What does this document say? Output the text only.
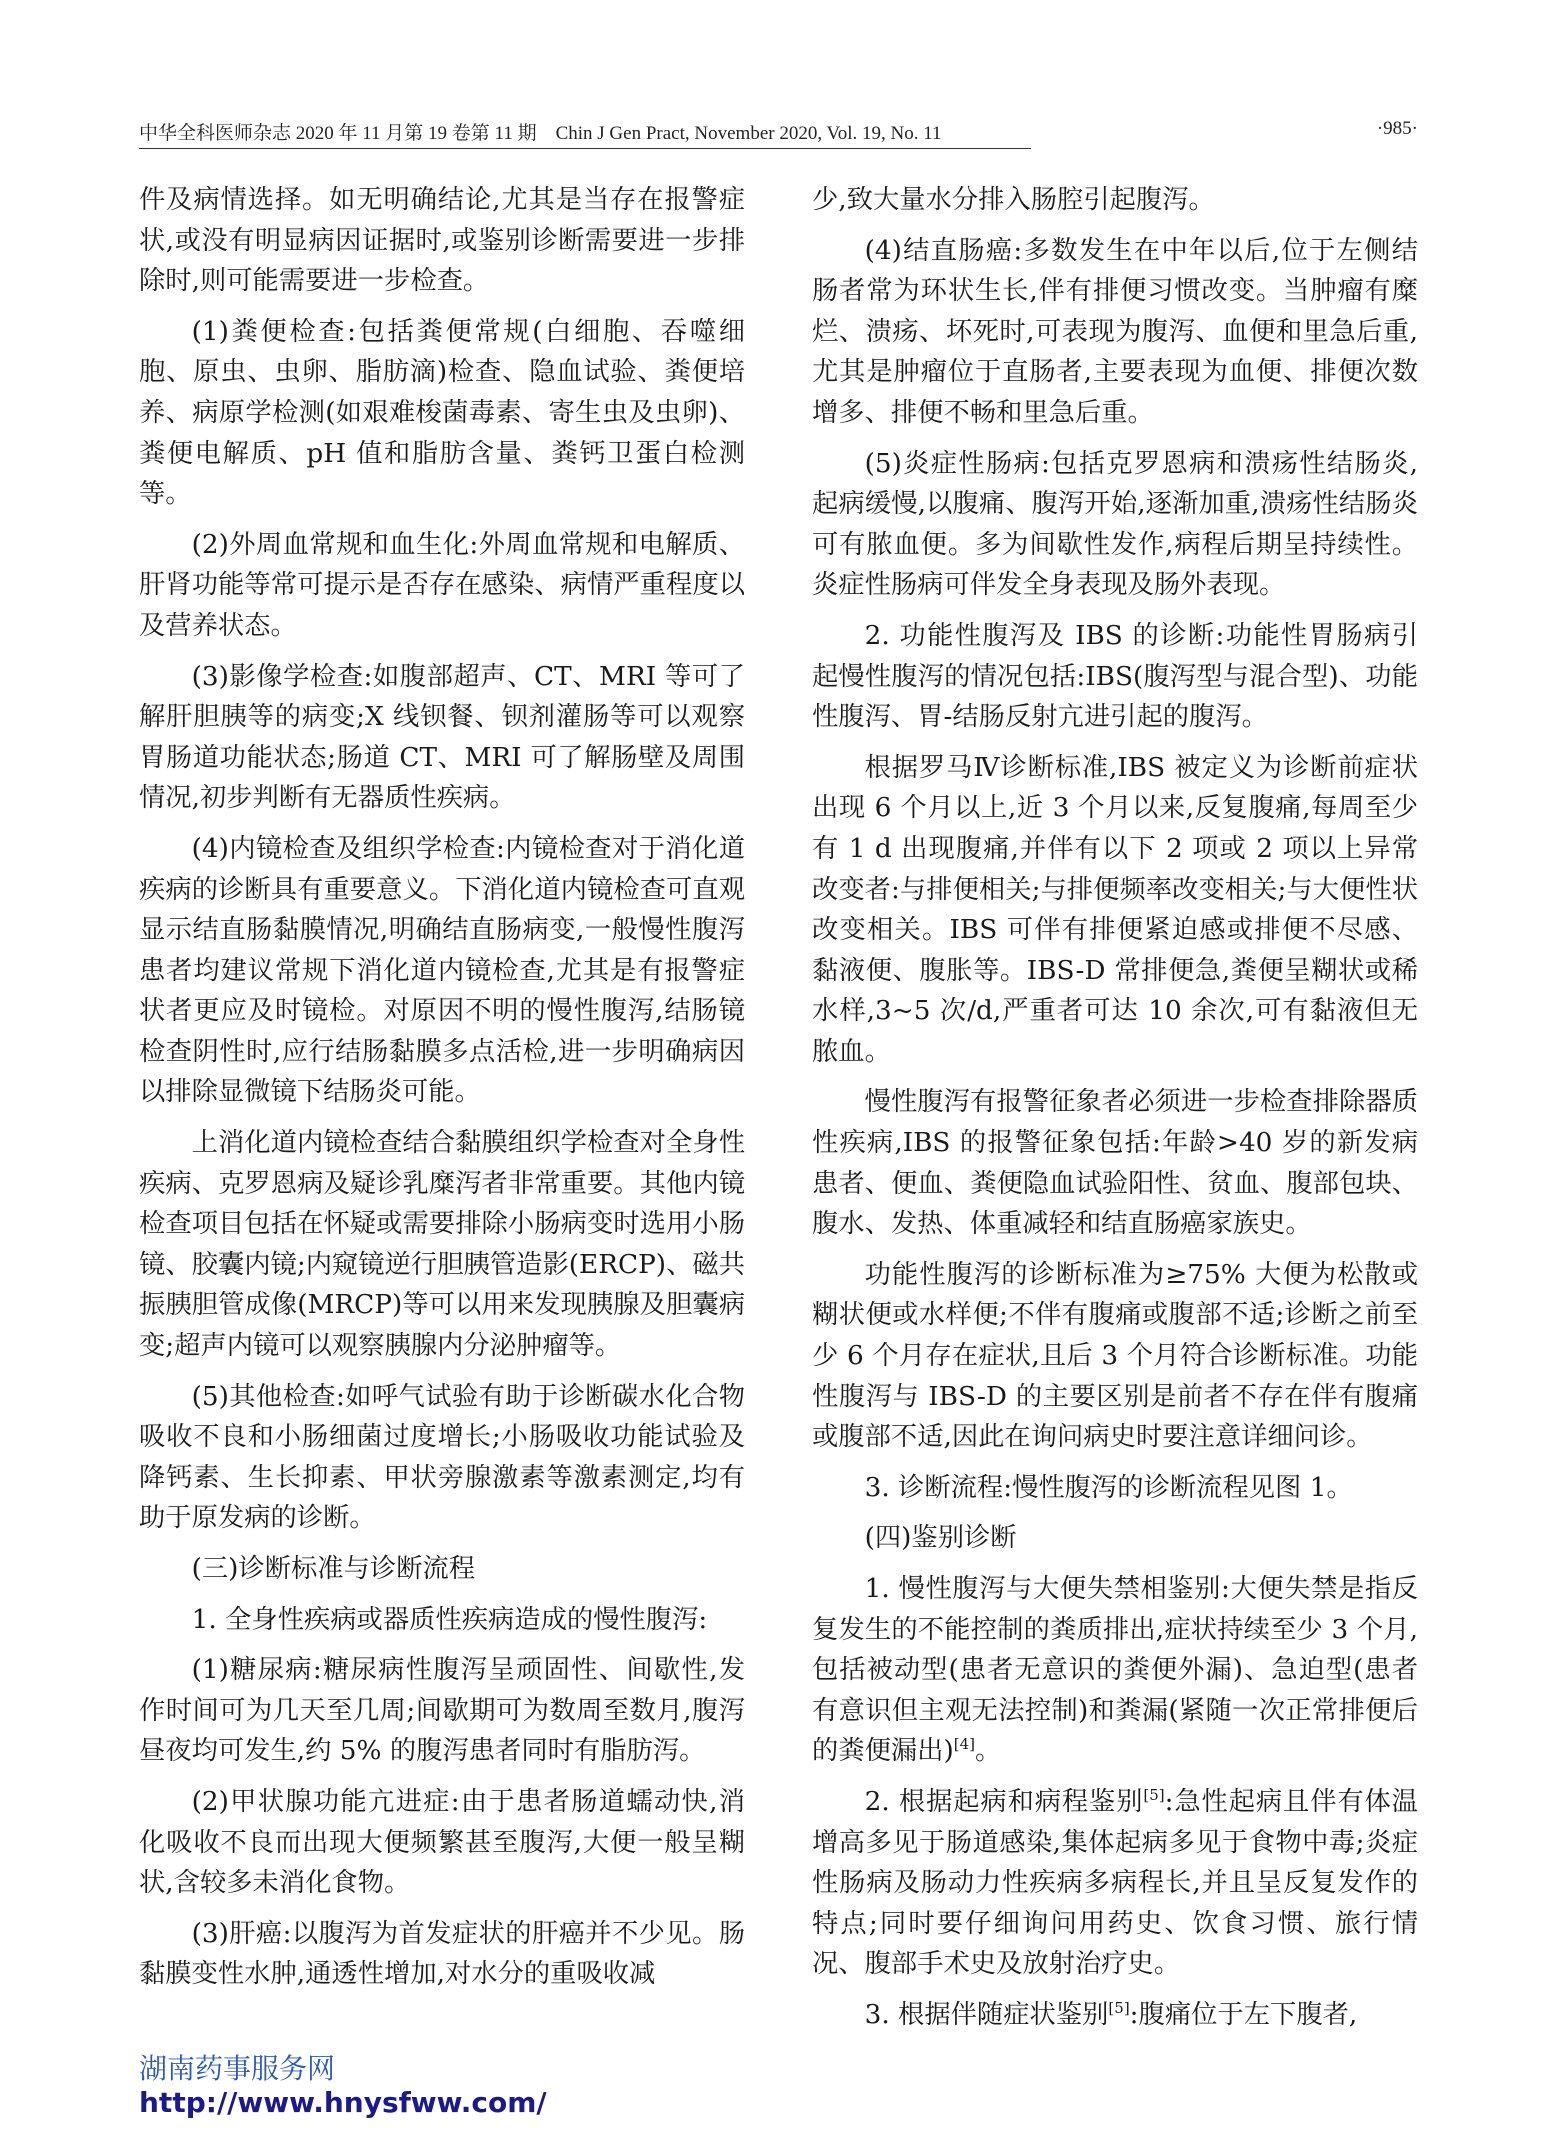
中华全科医师杂志 2020 年 11 月第 19 卷第 11 期　Chin J Gen Pract, November 2020, Vol. 19, No. 11	·985·

件及病情选择。如无明确结论,尤其是当存在报警症状,或没有明显病因证据时,或鉴别诊断需要进一步排除时,则可能需要进一步检查。

(1)粪便检查:包括粪便常规(白细胞、吞噬细胞、原虫、虫卵、脂肪滴)检查、隐血试验、粪便培养、病原学检测(如艰难梭菌毒素、寄生虫及虫卵)、粪便电解质、pH 值和脂肪含量、粪钙卫蛋白检测等。

(2)外周血常规和血生化:外周血常规和电解质、肝肾功能等常可提示是否存在感染、病情严重程度以及营养状态。

(3)影像学检查:如腹部超声、CT、MRI 等可了解肝胆胰等的病变;X 线钡餐、钡剂灌肠等可以观察胃肠道功能状态;肠道 CT、MRI 可了解肠壁及周围情况,初步判断有无器质性疾病。

(4)内镜检查及组织学检查:内镜检查对于消化道疾病的诊断具有重要意义。下消化道内镜检查可直观显示结直肠黏膜情况,明确结直肠病变,一般慢性腹泻患者均建议常规下消化道内镜检查,尤其是有报警症状者更应及时镜检。对原因不明的慢性腹泻,结肠镜检查阴性时,应行结肠黏膜多点活检,进一步明确病因以排除显微镜下结肠炎可能。

上消化道内镜检查结合黏膜组织学检查对全身性疾病、克罗恩病及疑诊乳糜泻者非常重要。其他内镜检查项目包括在怀疑或需要排除小肠病变时选用小肠镜、胶囊内镜;内窥镜逆行胆胰管造影(ERCP)、磁共振胰胆管成像(MRCP)等可以用来发现胰腺及胆囊病变;超声内镜可以观察胰腺内分泌肿瘤等。

(5)其他检查:如呼气试验有助于诊断碳水化合物吸收不良和小肠细菌过度增长;小肠吸收功能试验及降钙素、生长抑素、甲状旁腺激素等激素测定,均有助于原发病的诊断。

(三)诊断标准与诊断流程

1. 全身性疾病或器质性疾病造成的慢性腹泻:

(1)糖尿病:糖尿病性腹泻呈顽固性、间歇性,发作时间可为几天至几周;间歇期可为数周至数月,腹泻昼夜均可发生,约 5% 的腹泻患者同时有脂肪泻。

(2)甲状腺功能亢进症:由于患者肠道蠕动快,消化吸收不良而出现大便频繁甚至腹泻,大便一般呈糊状,含较多未消化食物。

(3)肝癌:以腹泻为首发症状的肝癌并不少见。肠黏膜变性水肿,通透性增加,对水分的重吸收减

少,致大量水分排入肠腔引起腹泻。

(4)结直肠癌:多数发生在中年以后,位于左侧结肠者常为环状生长,伴有排便习惯改变。当肿瘤有糜烂、溃疡、坏死时,可表现为腹泻、血便和里急后重,尤其是肿瘤位于直肠者,主要表现为血便、排便次数增多、排便不畅和里急后重。

(5)炎症性肠病:包括克罗恩病和溃疡性结肠炎,起病缓慢,以腹痛、腹泻开始,逐渐加重,溃疡性结肠炎可有脓血便。多为间歇性发作,病程后期呈持续性。炎症性肠病可伴发全身表现及肠外表现。

2. 功能性腹泻及 IBS 的诊断:功能性胃肠病引起慢性腹泻的情况包括:IBS(腹泻型与混合型)、功能性腹泻、胃-结肠反射亢进引起的腹泻。

根据罗马Ⅳ诊断标准,IBS 被定义为诊断前症状出现 6 个月以上,近 3 个月以来,反复腹痛,每周至少有 1 d 出现腹痛,并伴有以下 2 项或 2 项以上异常改变者:与排便相关;与排便频率改变相关;与大便性状改变相关。IBS 可伴有排便紧迫感或排便不尽感、黏液便、腹胀等。IBS-D 常排便急,粪便呈糊状或稀水样,3~5 次/d,严重者可达 10 余次,可有黏液但无脓血。

慢性腹泻有报警征象者必须进一步检查排除器质性疾病,IBS 的报警征象包括:年龄>40 岁的新发病患者、便血、粪便隐血试验阳性、贫血、腹部包块、腹水、发热、体重减轻和结直肠癌家族史。

功能性腹泻的诊断标准为≥75% 大便为松散或糊状便或水样便;不伴有腹痛或腹部不适;诊断之前至少 6 个月存在症状,且后 3 个月符合诊断标准。功能性腹泻与 IBS-D 的主要区别是前者不存在伴有腹痛或腹部不适,因此在询问病史时要注意详细问诊。

3. 诊断流程:慢性腹泻的诊断流程见图 1。

(四)鉴别诊断

1. 慢性腹泻与大便失禁相鉴别:大便失禁是指反复发生的不能控制的粪质排出,症状持续至少 3 个月,包括被动型(患者无意识的粪便外漏)、急迫型(患者有意识但主观无法控制)和粪漏(紧随一次正常排便后的粪便漏出)[4]。

2. 根据起病和病程鉴别[5]:急性起病且伴有体温增高多见于肠道感染,集体起病多见于食物中毒;炎症性肠病及肠动力性疾病多病程长,并且呈反复发作的特点;同时要仔细询问用药史、饮食习惯、旅行情况、腹部手术史及放射治疗史。

3. 根据伴随症状鉴别[5]:腹痛位于左下腹者,

湖南药事服务网
http://www.hnysfww.com/
